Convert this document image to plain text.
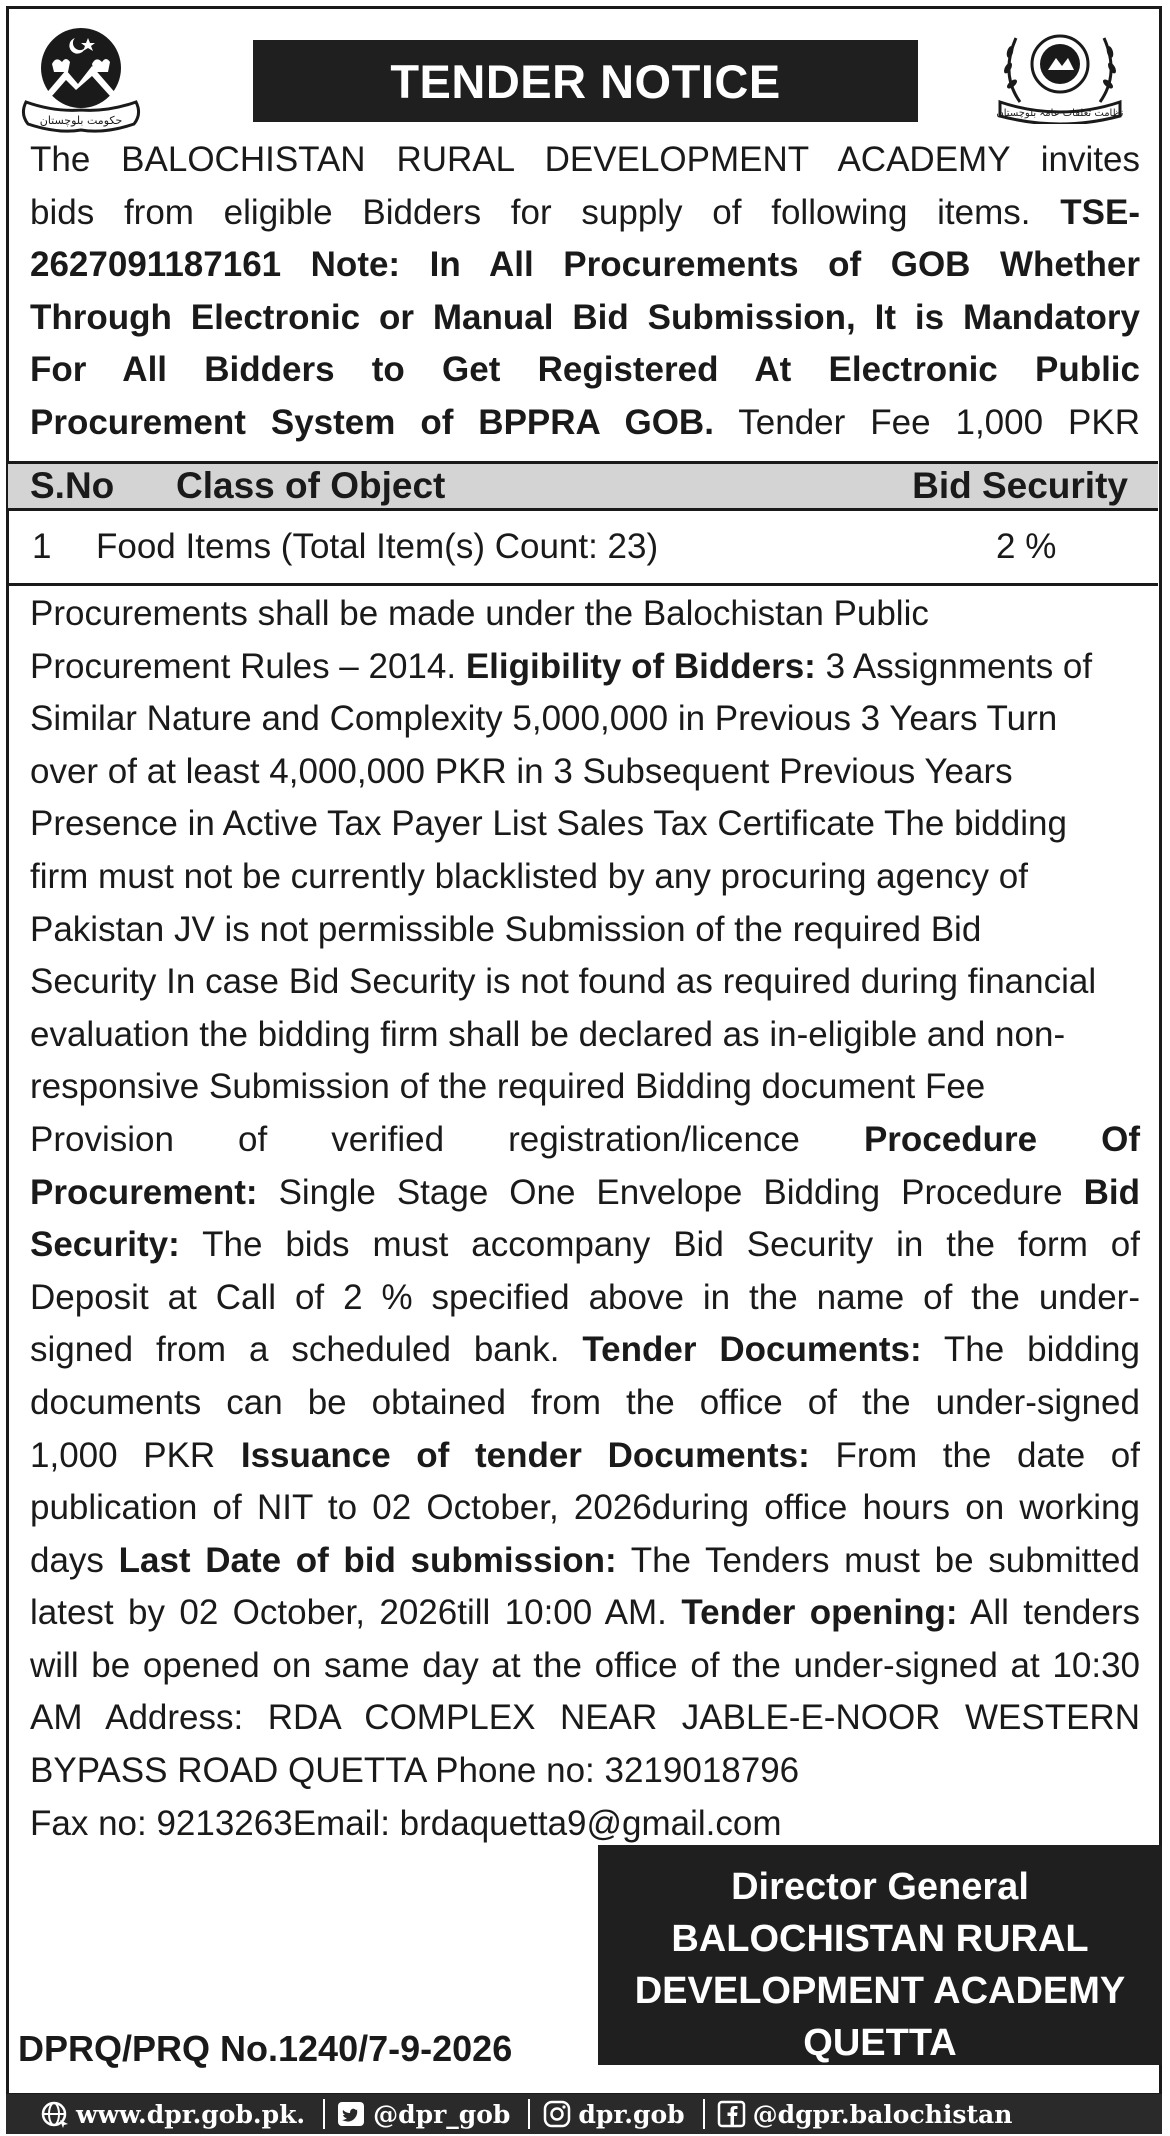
حکومت بلوچستان
نظامت تعلقات عامہ بلوچستان
TENDER NOTICE
The BALOCHISTAN RURAL DEVELOPMENT ACADEMY invites
bids from eligible Bidders for supply of following items. TSE-
2627091187161 Note: In All Procurements of GOB Whether
Through Electronic or Manual Bid Submission, It is Mandatory
For All Bidders to Get Registered At Electronic Public
Procurement System of BPPRA GOB. Tender Fee 1,000 PKR
S.No Class of Object	Bid Security
1 Food Items (Total Item(s) Count: 23)	2 %
Procurements shall be made under the Balochistan Public
Procurement Rules – 2014. Eligibility of Bidders: 3 Assignments of
Similar Nature and Complexity 5,000,000 in Previous 3 Years Turn
over of at least 4,000,000 PKR in 3 Subsequent Previous Years
Presence in Active Tax Payer List Sales Tax Certificate The bidding
firm must not be currently blacklisted by any procuring agency of
Pakistan JV is not permissible Submission of the required Bid
Security In case Bid Security is not found as required during financial
evaluation the bidding firm shall be declared as in-eligible and non-
responsive Submission of the required Bidding document Fee
Provision of verified registration/licence Procedure Of
Procurement: Single Stage One Envelope Bidding Procedure Bid
Security: The bids must accompany Bid Security in the form of
Deposit at Call of 2 % specified above in the name of the under-
signed from a scheduled bank. Tender Documents: The bidding
documents can be obtained from the office of the under-signed
1,000 PKR Issuance of tender Documents: From the date of
publication of NIT to 02 October, 2026during office hours on working
days Last Date of bid submission: The Tenders must be submitted
latest by 02 October, 2026till 10:00 AM. Tender opening: All tenders
will be opened on same day at the office of the under-signed at 10:30
AM Address: RDA COMPLEX NEAR JABLE-E-NOOR WESTERN
BYPASS ROAD QUETTA Phone no: 3219018796
Fax no: 9213263Email: brdaquetta9@gmail.com
Director General
BALOCHISTAN RURAL
DEVELOPMENT ACADEMY
QUETTA
DPRQ/PRQ No.1240/7-9-2026
www.dpr.gob.pk.	@dpr_gob	dpr.gob	@dgpr.balochistan
